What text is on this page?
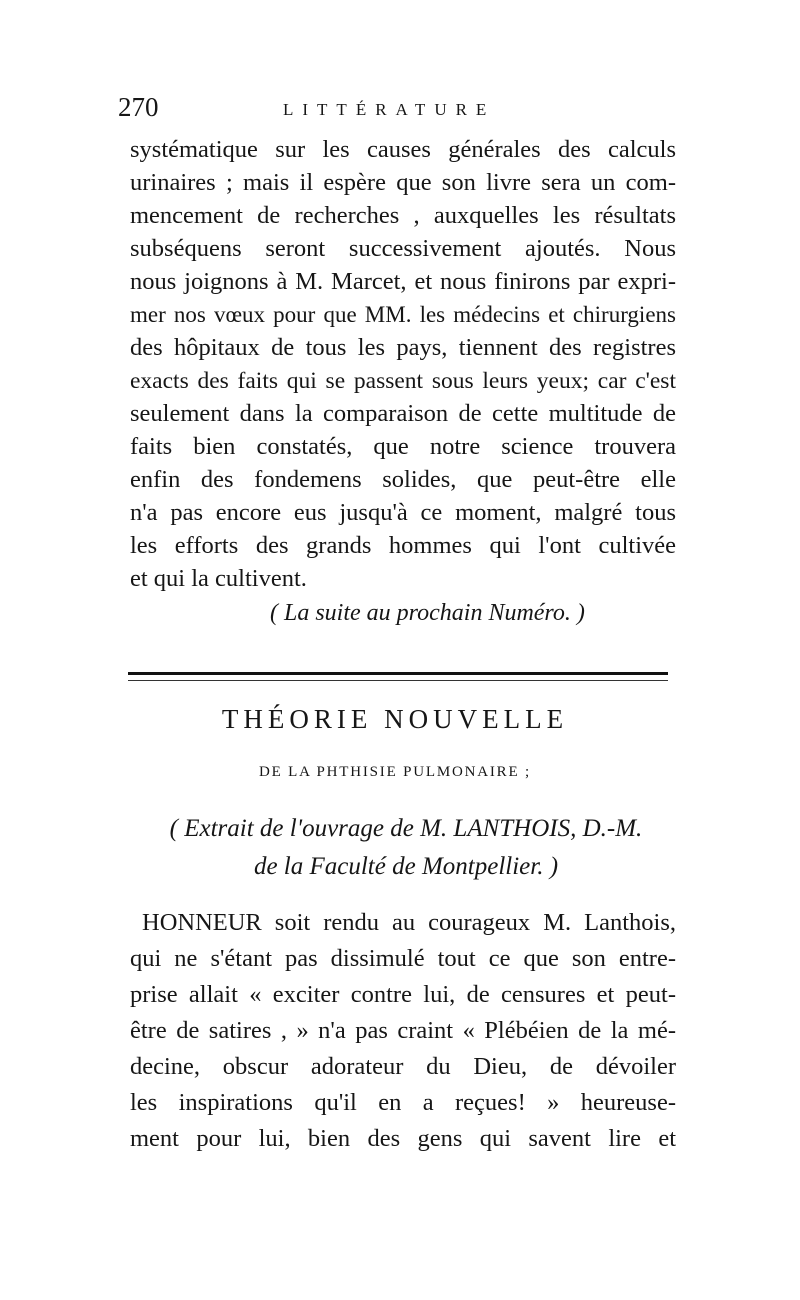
270	LITTÉRATURE
systématique sur les causes générales des calculs
urinaires ; mais il espère que son livre sera un com-
mencement de recherches , auxquelles les résultats
subséquens seront successivement ajoutés. Nous
nous joignons à M. Marcet, et nous finirons par expri-
mer nos vœux pour que MM. les médecins et chirurgiens
des hôpitaux de tous les pays, tiennent des registres
exacts des faits qui se passent sous leurs yeux; car c'est
seulement dans la comparaison de cette multitude de
faits bien constatés, que notre science trouvera
enfin des fondemens solides, que peut-être elle
n'a pas encore eus jusqu'à ce moment, malgré tous
les efforts des grands hommes qui l'ont cultivée
et qui la cultivent.
( La suite au prochain Numéro. )
THÉORIE NOUVELLE
DE LA PHTHISIE PULMONAIRE ;
( Extrait de l'ouvrage de M. LANTHOIS, D.-M.
de la Faculté de Montpellier. )
HONNEUR soit rendu au courageux M. Lanthois,
qui ne s'étant pas dissimulé tout ce que son entre-
prise allait « exciter contre lui, de censures et peut-
être de satires , » n'a pas craint « Plébéien de la mé-
decine, obscur adorateur du Dieu, de dévoiler
les inspirations qu'il en a reçues! » heureuse-
ment pour lui, bien des gens qui savent lire et
